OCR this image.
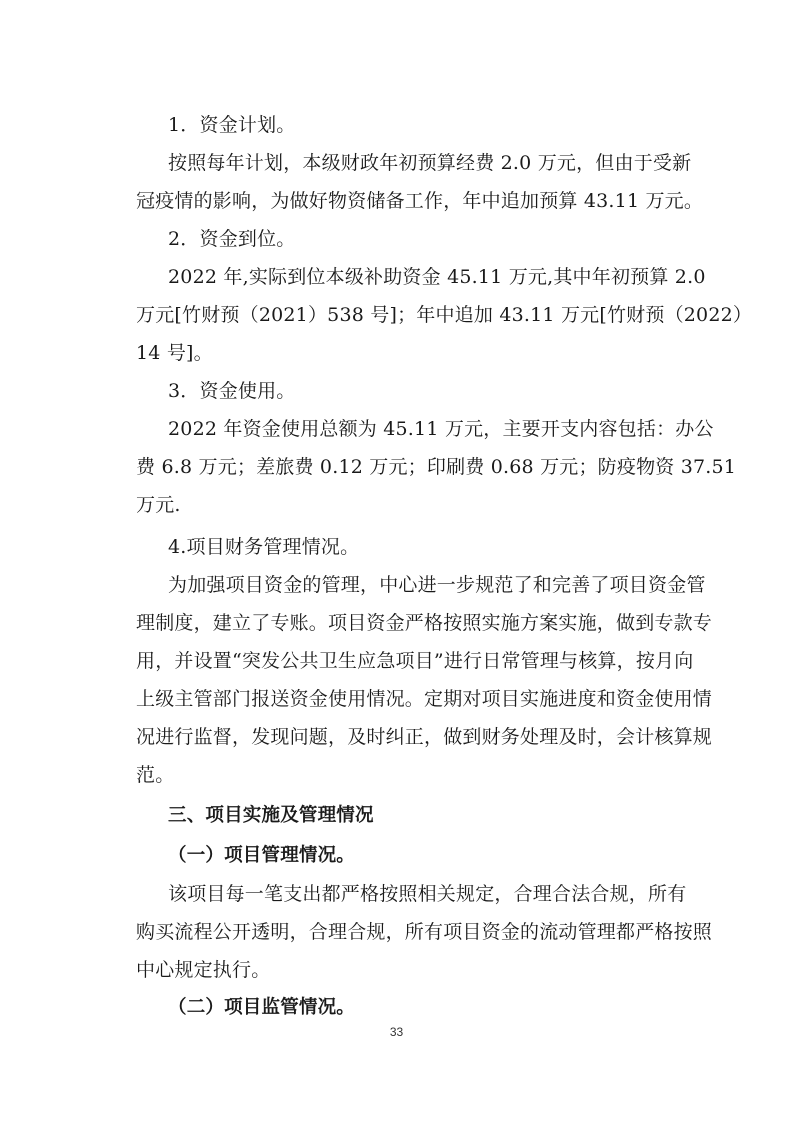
1．资金计划。
按照每年计划，本级财政年初预算经费 2.0 万元，但由于受新
冠疫情的影响，为做好物资储备工作，年中追加预算 43.11 万元。
2．资金到位。
2022 年,实际到位本级补助资金 45.11 万元,其中年初预算 2.0
万元[竹财预（2021）538 号]；年中追加 43.11 万元[竹财预（2022）
14 号]。
3．资金使用。
2022 年资金使用总额为 45.11 万元，主要开支内容包括：办公
费 6.8 万元；差旅费 0.12 万元；印刷费 0.68 万元；防疫物资 37.51
万元.
4.项目财务管理情况。
为加强项目资金的管理，中心进一步规范了和完善了项目资金管
理制度，建立了专账。项目资金严格按照实施方案实施，做到专款专
用，并设置“突发公共卫生应急项目”进行日常管理与核算，按月向
上级主管部门报送资金使用情况。定期对项目实施进度和资金使用情
况进行监督，发现问题，及时纠正，做到财务处理及时，会计核算规
范。
三、项目实施及管理情况
（一）项目管理情况。
该项目每一笔支出都严格按照相关规定，合理合法合规，所有
购买流程公开透明，合理合规，所有项目资金的流动管理都严格按照
中心规定执行。
（二）项目监管情况。
33
